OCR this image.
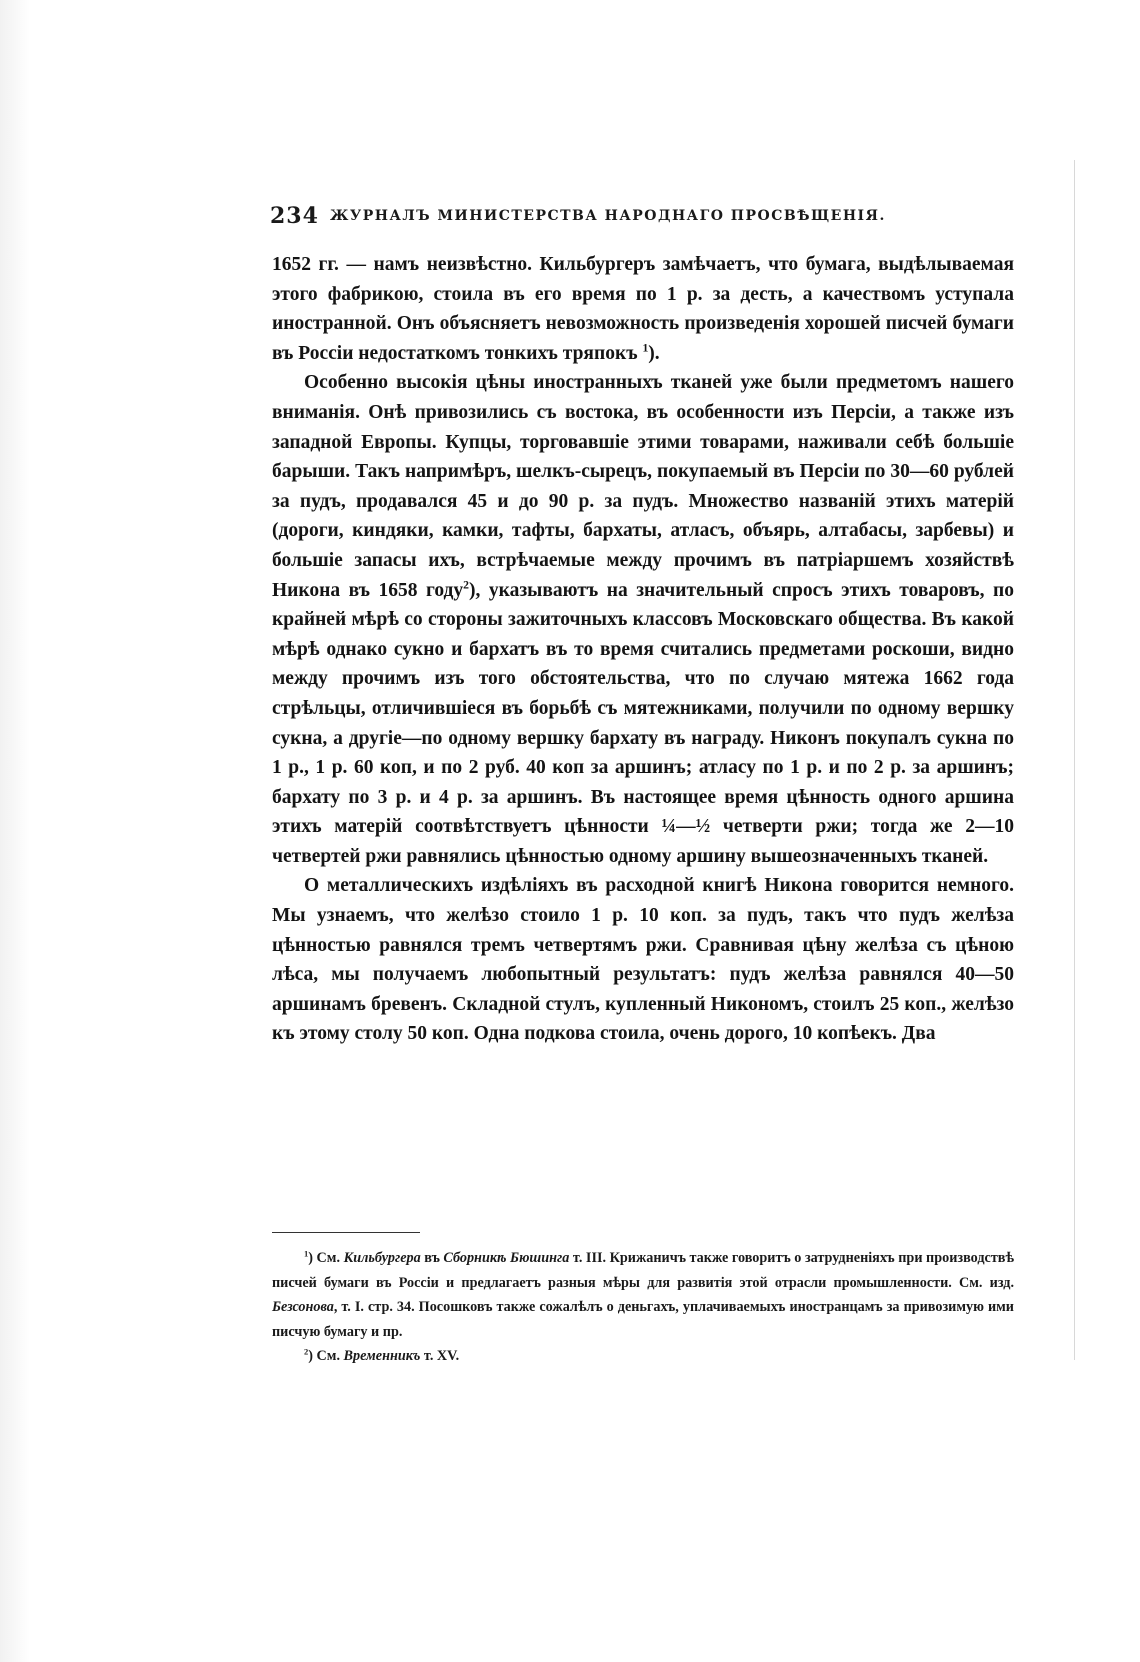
234 ЖУРНАЛЪ МИНИСТЕРСТВА НАРОДНАГО ПРОСВѢЩЕНІЯ.

1652 гг. — намъ неизвѣстно. Кильбургеръ замѣчаетъ, что бумага, выдѣлываемая этого фабрикою, стоила въ его время по 1 р. за десть, а качествомъ уступала иностранной. Онъ объясняетъ невозможность произведенія хорошей писчей бумаги въ Россіи недостаткомъ тонкихъ тряпокъ $^1$).

Особенно высокія цѣны иностранныхъ тканей уже были предметомъ нашего вниманія. Онѣ привозились съ востока, въ особенности изъ Персіи, а также изъ западной Европы. Купцы, торговавшіе этими товарами, наживали себѣ большіе барыши. Такъ напримѣръ, шелкъ-сырецъ, покупаемый въ Персіи по 30—60 рублей за пудъ, продавался 45 и до 90 р. за пудъ. Множество названій этихъ матерій (дороги, киндяки, камки, тафты, бархаты, атласъ, объярь, алтабасы, зарбевы) и большіе запасы ихъ, встрѣчаемые между прочимъ въ патріаршемъ хозяйствѣ Никона въ 1658 году$^2$), указываютъ на значительный спросъ этихъ товаровъ, по крайней мѣрѣ со стороны зажиточныхъ классовъ Московскаго общества. Въ какой мѣрѣ однако сукно и бархатъ въ то время считались предметами роскоши, видно между прочимъ изъ того обстоятельства, что по случаю мятежа 1662 года стрѣльцы, отличившіеся въ борьбѣ съ мятежниками, получили по одному вершку сукна, а другіе—по одному вершку бархату въ награду. Никонъ покупалъ сукна по 1 р., 1 р. 60 коп, и по 2 руб. 40 коп за аршинъ; атласу по 1 р. и по 2 р. за аршинъ; бархату по 3 р. и 4 р. за аршинъ. Въ настоящее время цѣнность одного аршина этихъ матерій соотвѣтствуетъ цѣнности ¼—½ четверти ржи; тогда же 2—10 четвертей ржи равнялись цѣнностью одному аршину вышеозначенныхъ тканей.

О металлическихъ издѣліяхъ въ расходной книгѣ Никона говорится немного. Мы узнаемъ, что желѣзо стоило 1 р. 10 коп. за пудъ, такъ что пудъ желѣза цѣнностью равнялся тремъ четвертямъ ржи. Сравнивая цѣну желѣза съ цѣною лѣса, мы получаемъ любопытный результатъ: пудъ желѣза равнялся 40—50 аршинамъ бревенъ. Складной стулъ, купленный Никономъ, стоилъ 25 коп., желѣзо къ этому столу 50 коп. Одна подкова стоила, очень дорого, 10 копѣекъ. Два

$^1$) См. Кильбургера въ Сборникѣ Бюшинга т. III. Крижаничъ также говоритъ о затрудненіяхъ при производствѣ писчей бумаги въ Россіи и предлагаетъ разныя мѣры для развитія этой отрасли промышленности. См. изд. Безсонова, т. I. стр. 34. Посошковъ также сожалѣлъ о деньгахъ, уплачиваемыхъ иностранцамъ за привозимую ими писчую бумагу и пр.

$^2$) См. Временникъ т. XV.
